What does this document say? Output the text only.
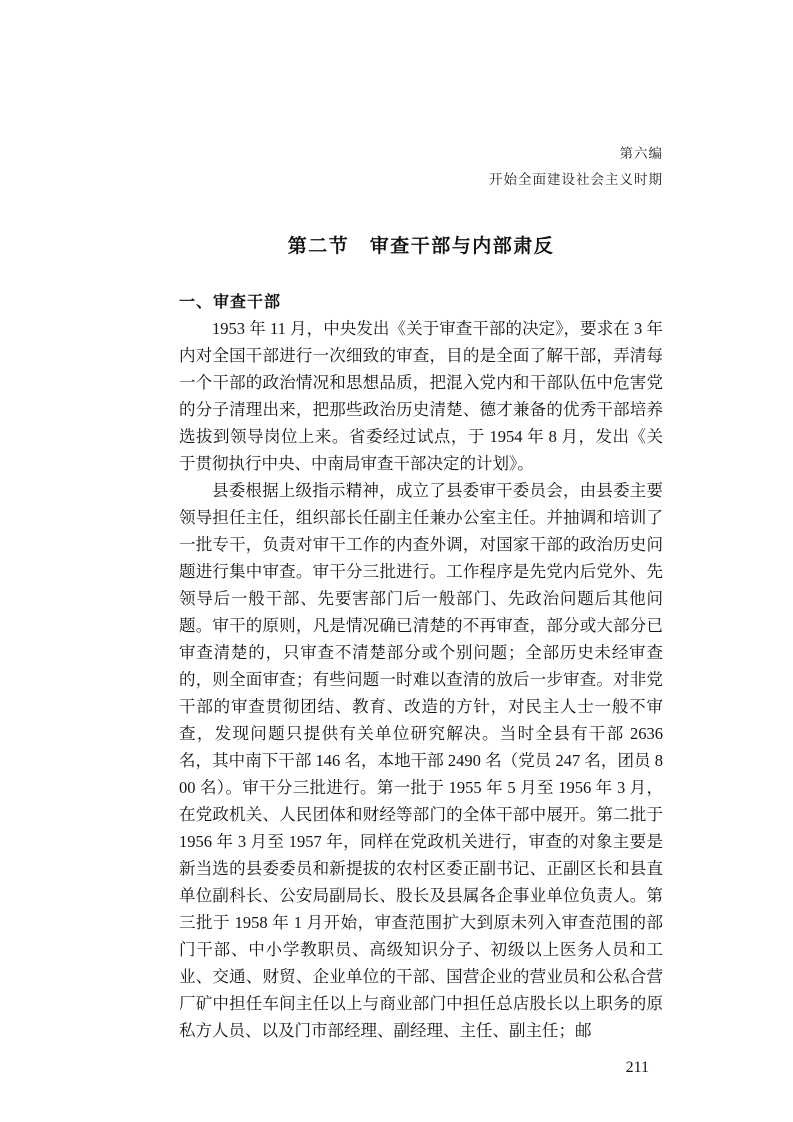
第六编
开始全面建设社会主义时期
第二节　审查干部与内部肃反
一、审查干部

1953 年 11 月，中央发出《关于审查干部的决定》，要求在 3 年内对全国干部进行一次细致的审查，目的是全面了解干部，弄清每一个干部的政治情况和思想品质，把混入党内和干部队伍中危害党的分子清理出来，把那些政治历史清楚、德才兼备的优秀干部培养选拔到领导岗位上来。省委经过试点，于 1954 年 8 月，发出《关于贯彻执行中央、中南局审查干部决定的计划》。

县委根据上级指示精神，成立了县委审干委员会，由县委主要领导担任主任，组织部长任副主任兼办公室主任。并抽调和培训了一批专干，负责对审干工作的内查外调，对国家干部的政治历史问题进行集中审查。审干分三批进行。工作程序是先党内后党外、先领导后一般干部、先要害部门后一般部门、先政治问题后其他问题。审干的原则，凡是情况确已清楚的不再审查，部分或大部分已审查清楚的，只审查不清楚部分或个别问题；全部历史未经审查的，则全面审查；有些问题一时难以查清的放后一步审查。对非党干部的审查贯彻团结、教育、改造的方针，对民主人士一般不审查，发现问题只提供有关单位研究解决。当时全县有干部 2636 名，其中南下干部 146 名，本地干部 2490 名（党员 247 名，团员 800 名）。审干分三批进行。第一批于 1955 年 5 月至 1956 年 3 月，在党政机关、人民团体和财经等部门的全体干部中展开。第二批于 1956 年 3 月至 1957 年，同样在党政机关进行，审查的对象主要是新当选的县委委员和新提拔的农村区委正副书记、正副区长和县直单位副科长、公安局副局长、股长及县属各企事业单位负责人。第三批于 1958 年 1 月开始，审查范围扩大到原未列入审查范围的部门干部、中小学教职员、高级知识分子、初级以上医务人员和工业、交通、财贸、企业单位的干部、国营企业的营业员和公私合营厂矿中担任车间主任以上与商业部门中担任总店股长以上职务的原私方人员、以及门市部经理、副经理、主任、副主任；邮

211
